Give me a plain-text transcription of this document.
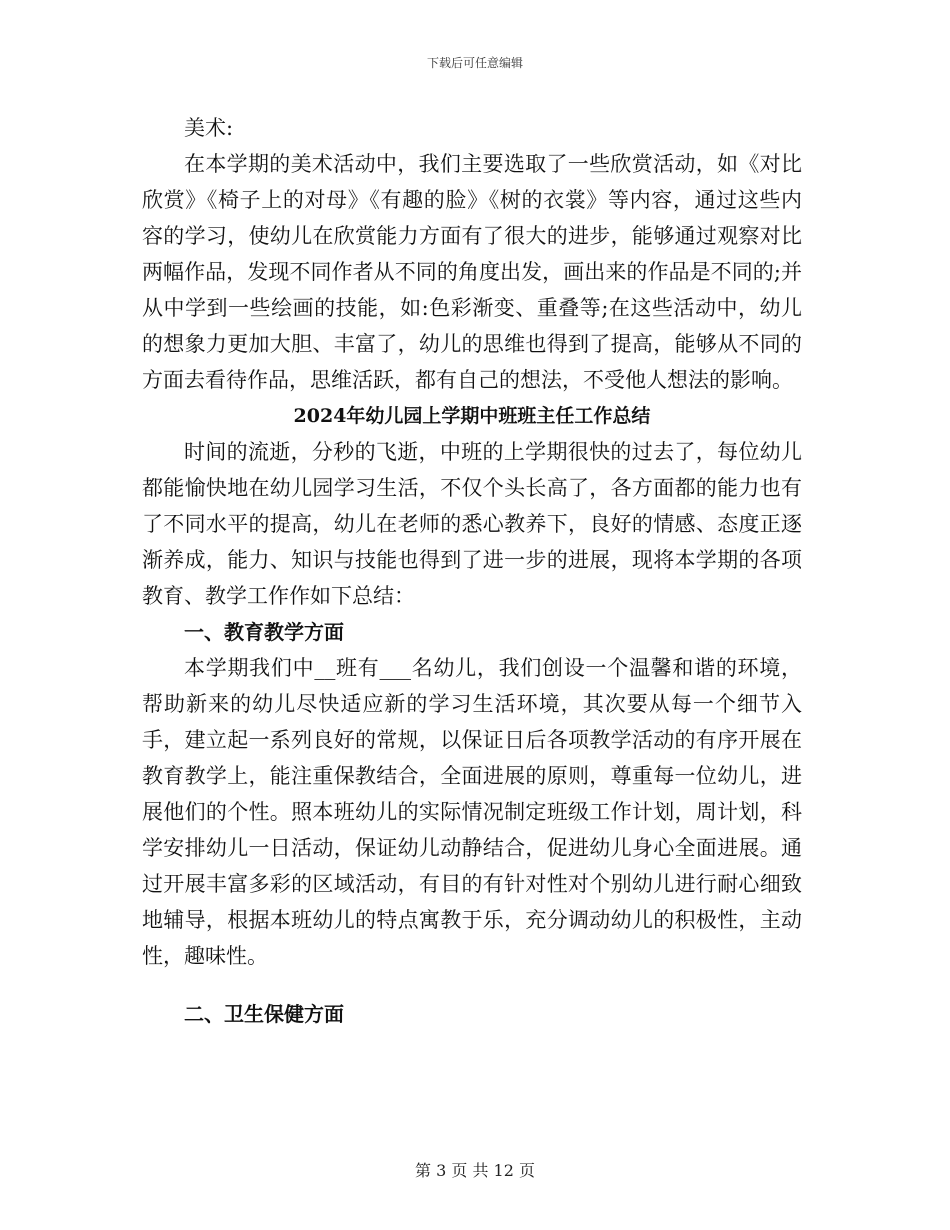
下载后可任意编辑

美术:

在本学期的美术活动中，我们主要选取了一些欣赏活动，如《对比欣赏》《椅子上的对母》《有趣的脸》《树的衣裳》等内容，通过这些内容的学习，使幼儿在欣赏能力方面有了很大的进步，能够通过观察对比两幅作品，发现不同作者从不同的角度出发，画出来的作品是不同的;并从中学到一些绘画的技能，如:色彩渐变、重叠等;在这些活动中，幼儿的想象力更加大胆、丰富了，幼儿的思维也得到了提高，能够从不同的方面去看待作品，思维活跃，都有自己的想法，不受他人想法的影响。

2024年幼儿园上学期中班班主任工作总结

时间的流逝，分秒的飞逝，中班的上学期很快的过去了，每位幼儿都能愉快地在幼儿园学习生活，不仅个头长高了，各方面都的能力也有了不同水平的提高，幼儿在老师的悉心教养下，良好的情感、态度正逐渐养成，能力、知识与技能也得到了进一步的进展，现将本学期的各项教育、教学工作作如下总结：

一、教育教学方面

本学期我们中__班有___名幼儿，我们创设一个温馨和谐的环境，帮助新来的幼儿尽快适应新的学习生活环境，其次要从每一个细节入手，建立起一系列良好的常规，以保证日后各项教学活动的有序开展在教育教学上，能注重保教结合，全面进展的原则，尊重每一位幼儿，进展他们的个性。照本班幼儿的实际情况制定班级工作计划，周计划，科学安排幼儿一日活动，保证幼儿动静结合，促进幼儿身心全面进展。通过开展丰富多彩的区域活动，有目的有针对性对个别幼儿进行耐心细致地辅导，根据本班幼儿的特点寓教于乐，充分调动幼儿的积极性，主动性，趣味性。

二、卫生保健方面
第 3 页 共 12 页
